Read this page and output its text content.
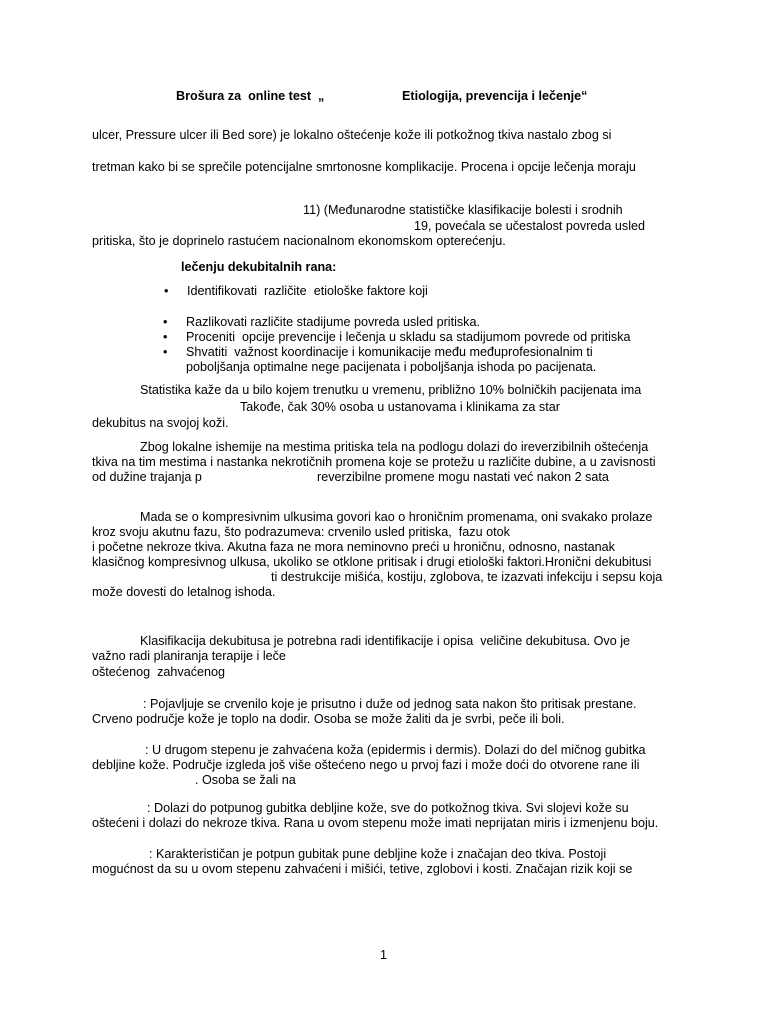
Brošura za  online test  „	Etiologija, prevencija i lečenje“
ulcer, Pressure ulcer ili Bed sore) je lokalno oštećenje kože ili potkožnog tkiva nastalo zbog si
tretman kako bi se sprečile potencijalne smrtonosne komplikacije. Procena i opcije lečenja moraju
11) (Međunarodne statističke klasifikacije bolesti i srodnih
19, povećala se učestalost povreda usled
pritiska, što je doprinelo rastućem nacionalnom ekonomskom opterećenju.
lečenju dekubitalnih rana:
• Identifikovati  različite  etiološke faktore koji
• Razlikovati različite stadijume povreda usled pritiska.
• Proceniti  opcije prevencije i lečenja u skladu sa stadijumom povrede od pritiska
• Shvatiti  važnost koordinacije i komunikacije među međuprofesionalnim ti
poboljšanja optimalne nege pacijenata i poboljšanja ishoda po pacijenata.
Statistika kaže da u bilo kojem trenutku u vremenu, približno 10% bolničkih pacijenata ima
Takođe, čak 30% osoba u ustanovama i klinikama za star
dekubitus na svojoj koži.
Zbog lokalne ishemije na mestima pritiska tela na podlogu dolazi do ireverzibilnih oštećenja
tkiva na tim mestima i nastanka nekrotičnih promena koje se protežu u različite dubine, a u zavisnosti
od dužine trajanja p	reverzibilne promene mogu nastati već nakon 2 sata
Mada se o kompresivnim ulkusima govori kao o hroničnim promenama, oni svakako prolaze
kroz svoju akutnu fazu, što podrazumeva: crvenilo usled pritiska,  fazu otok
i početne nekroze tkiva. Akutna faza ne mora neminovno preći u hroničnu, odnosno, nastanak
klasičnog kompresivnog ulkusa, ukoliko se otklone pritisak i drugi etiološki faktori.Hronični dekubitusi
ti destrukcije mišića, kostiju, zglobova, te izazvati infekciju i sepsu koja
može dovesti do letalnog ishoda.
Klasifikacija dekubitusa je potrebna radi identifikacije i opisa  veličine dekubitusa. Ovo je
važno radi planiranja terapije i leče
oštećenog  zahvaćenog
: Pojavljuje se crvenilo koje je prisutno i duže od jednog sata nakon što pritisak prestane.
Crveno područje kože je toplo na dodir. Osoba se može žaliti da je svrbi, peče ili boli.
: U drugom stepenu je zahvaćena koža (epidermis i dermis). Dolazi do del mičnog gubitka
debljine kože. Područje izgleda još više oštećeno nego u prvoj fazi i može doći do otvorene rane ili
. Osoba se žali na
: Dolazi do potpunog gubitka debljine kože, sve do potkožnog tkiva. Svi slojevi kože su
oštećeni i dolazi do nekroze tkiva. Rana u ovom stepenu može imati neprijatan miris i izmenjenu boju.
: Karakterističan je potpun gubitak pune debljine kože i značajan deo tkiva. Postoji
mogućnost da su u ovom stepenu zahvaćeni i mišići, tetive, zglobovi i kosti. Značajan rizik koji se
1
